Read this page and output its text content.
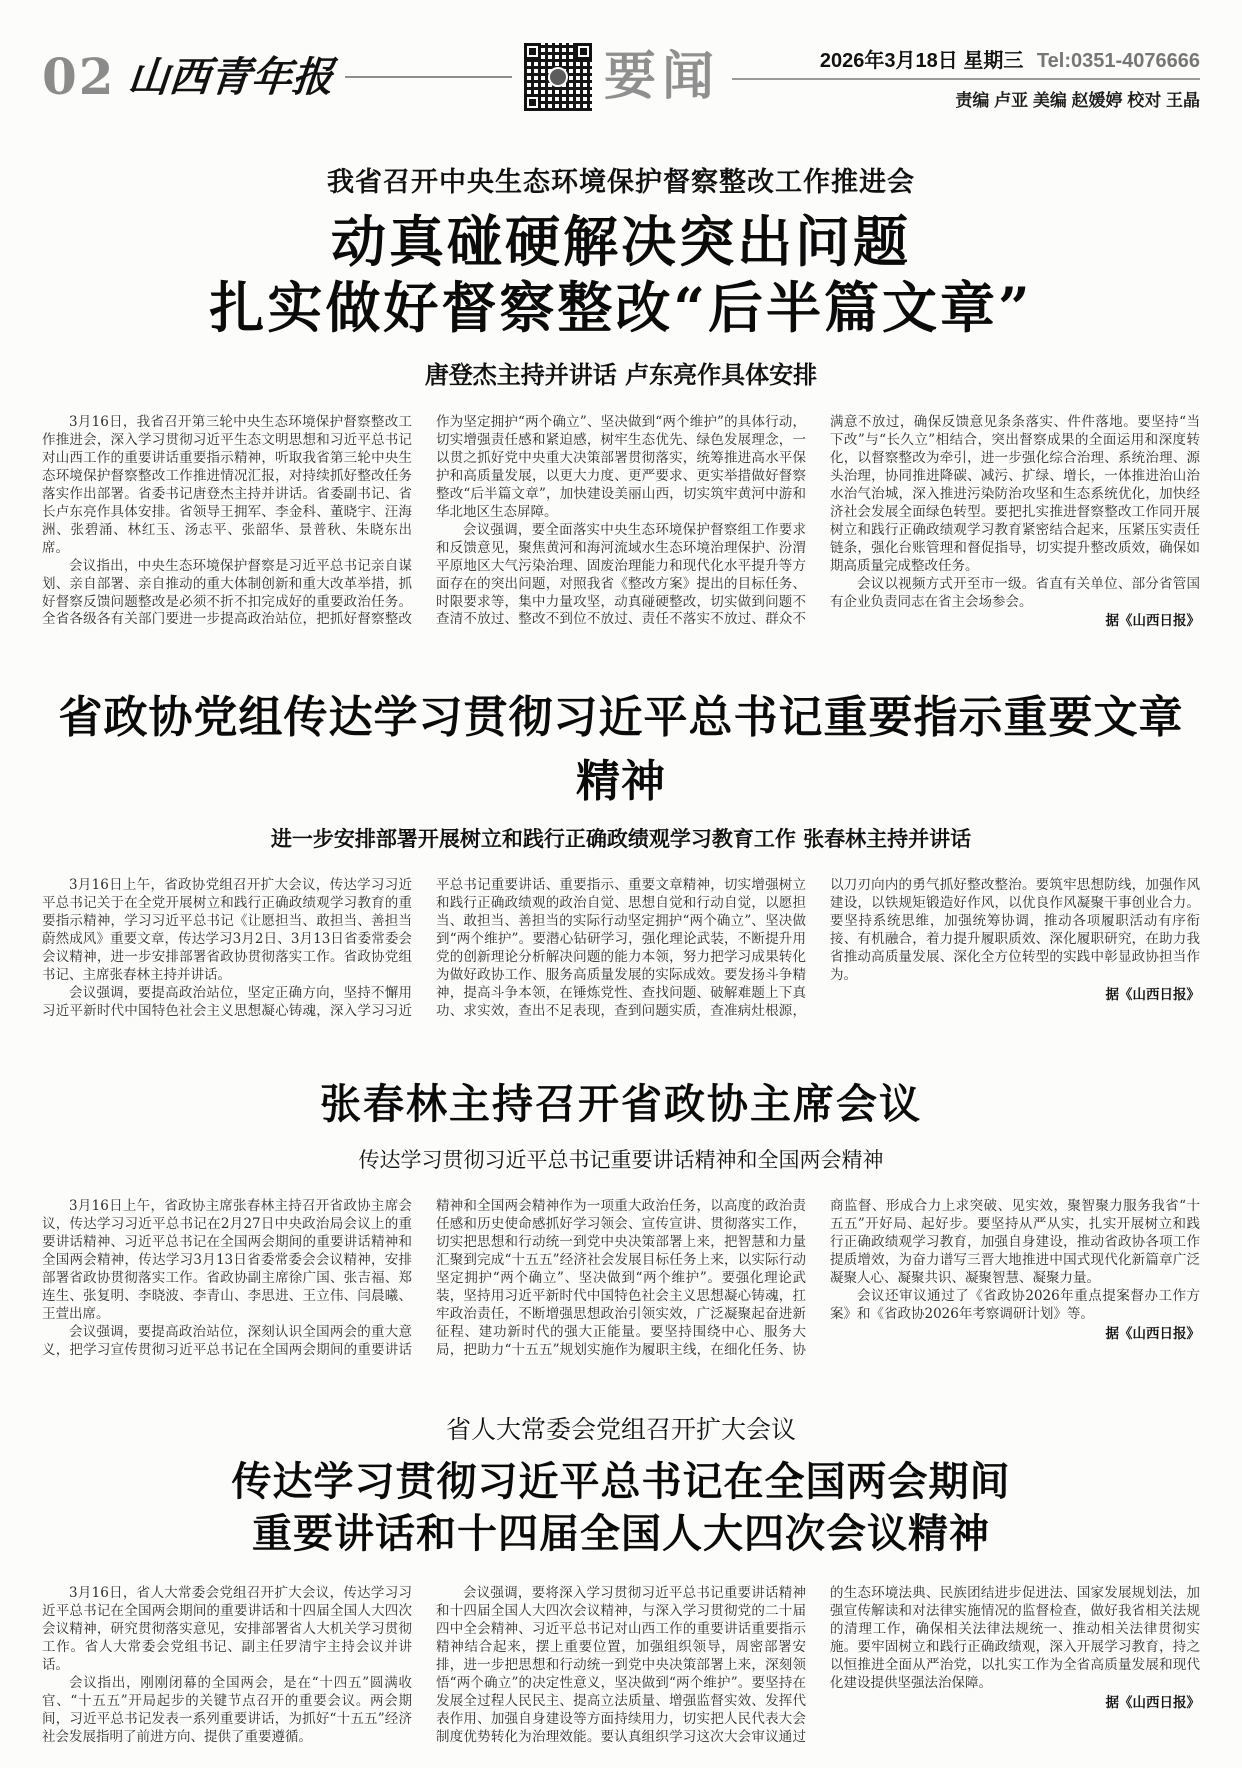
02 山西青年报	要闻	2026年3月18日 星期三 Tel:0351-4076666
责编 卢亚 美编 赵媛婷 校对 王晶
我省召开中央生态环境保护督察整改工作推进会
动真碰硬解决突出问题
扎实做好督察整改“后半篇文章”
唐登杰主持并讲话 卢东亮作具体安排

3月16日，我省召开第三轮中央生态环境保护督察整改工作推进会，深入学习贯彻习近平生态文明思想和习近平总书记对山西工作的重要讲话重要指示精神，听取我省第三轮中央生态环境保护督察整改工作推进情况汇报，对持续抓好整改任务落实作出部署。省委书记唐登杰主持并讲话。省委副书记、省长卢东亮作具体安排。省领导王拥军、李金科、董晓宇、汪海洲、张碧涌、林红玉、汤志平、张韶华、景普秋、朱晓东出席。

会议指出，中央生态环境保护督察是习近平总书记亲自谋划、亲自部署、亲自推动的重大体制创新和重大改革举措，抓好督察反馈问题整改是必须不折不扣完成好的重要政治任务。全省各级各有关部门要进一步提高政治站位，把抓好督察整改作为坚定拥护“两个确立”、坚决做到“两个维护”的具体行动，切实增强责任感和紧迫感，树牢生态优先、绿色发展理念，一以贯之抓好党中央重大决策部署贯彻落实，统筹推进高水平保护和高质量发展，以更大力度、更严要求、更实举措做好督察整改“后半篇文章”，加快建设美丽山西，切实筑牢黄河中游和华北地区生态屏障。

会议强调，要全面落实中央生态环境保护督察组工作要求和反馈意见，聚焦黄河和海河流域水生态环境治理保护、汾渭平原地区大气污染治理、固废治理能力和现代化水平提升等方面存在的突出问题，对照我省《整改方案》提出的目标任务、时限要求等，集中力量攻坚，动真碰硬整改，切实做到问题不查清不放过、整改不到位不放过、责任不落实不放过、群众不满意不放过，确保反馈意见条条落实、件件落地。要坚持“当下改”与“长久立”相结合，突出督察成果的全面运用和深度转化，以督察整改为牵引，进一步强化综合治理、系统治理、源头治理，协同推进降碳、减污、扩绿、增长，一体推进治山治水治气治城，深入推进污染防治攻坚和生态系统优化，加快经济社会发展全面绿色转型。要把扎实推进督察整改工作同开展树立和践行正确政绩观学习教育紧密结合起来，压紧压实责任链条，强化台账管理和督促指导，切实提升整改质效，确保如期高质量完成整改任务。

会议以视频方式开至市一级。省直有关单位、部分省管国有企业负责同志在省主会场参会。

据《山西日报》
省政协党组传达学习贯彻习近平总书记重要指示重要文章精神
进一步安排部署开展树立和践行正确政绩观学习教育工作 张春林主持并讲话

3月16日上午，省政协党组召开扩大会议，传达学习习近平总书记关于在全党开展树立和践行正确政绩观学习教育的重要指示精神，学习习近平总书记《让愿担当、敢担当、善担当蔚然成风》重要文章，传达学习3月2日、3月13日省委常委会会议精神，进一步安排部署省政协贯彻落实工作。省政协党组书记、主席张春林主持并讲话。

会议强调，要提高政治站位，坚定正确方向，坚持不懈用习近平新时代中国特色社会主义思想凝心铸魂，深入学习习近平总书记重要讲话、重要指示、重要文章精神，切实增强树立和践行正确政绩观的政治自觉、思想自觉和行动自觉，以愿担当、敢担当、善担当的实际行动坚定拥护“两个确立”、坚决做到“两个维护”。要潜心钻研学习，强化理论武装，不断提升用党的创新理论分析解决问题的能力本领，努力把学习成果转化为做好政协工作、服务高质量发展的实际成效。要发扬斗争精神，提高斗争本领，在锤炼党性、查找问题、破解难题上下真功、求实效，查出不足表现，查到问题实质，查准病灶根源，以刀刃向内的勇气抓好整改整治。要筑牢思想防线，加强作风建设，以铁规矩锻造好作风，以优良作风凝聚干事创业合力。要坚持系统思维，加强统筹协调，推动各项履职活动有序衔接、有机融合，着力提升履职质效、深化履职研究，在助力我省推动高质量发展、深化全方位转型的实践中彰显政协担当作为。

据《山西日报》
张春林主持召开省政协主席会议
传达学习贯彻习近平总书记重要讲话精神和全国两会精神

3月16日上午，省政协主席张春林主持召开省政协主席会议，传达学习习近平总书记在2月27日中央政治局会议上的重要讲话精神、习近平总书记在全国两会期间的重要讲话精神和全国两会精神，传达学习3月13日省委常委会会议精神，安排部署省政协贯彻落实工作。省政协副主席徐广国、张吉福、郑连生、张复明、李晓波、李青山、李思进、王立伟、闫晨曦、王萱出席。

会议强调，要提高政治站位，深刻认识全国两会的重大意义，把学习宣传贯彻习近平总书记在全国两会期间的重要讲话精神和全国两会精神作为一项重大政治任务，以高度的政治责任感和历史使命感抓好学习领会、宣传宣讲、贯彻落实工作，切实把思想和行动统一到党中央决策部署上来，把智慧和力量汇聚到完成“十五五”经济社会发展目标任务上来，以实际行动坚定拥护“两个确立”、坚决做到“两个维护”。要强化理论武装，坚持用习近平新时代中国特色社会主义思想凝心铸魂，扛牢政治责任，不断增强思想政治引领实效，广泛凝聚起奋进新征程、建功新时代的强大正能量。要坚持围绕中心、服务大局，把助力“十五五”规划实施作为履职主线，在细化任务、协商监督、形成合力上求突破、见实效，聚智聚力服务我省“十五五”开好局、起好步。要坚持从严从实，扎实开展树立和践行正确政绩观学习教育，加强自身建设，推动省政协各项工作提质增效，为奋力谱写三晋大地推进中国式现代化新篇章广泛凝聚人心、凝聚共识、凝聚智慧、凝聚力量。

会议还审议通过了《省政协2026年重点提案督办工作方案》和《省政协2026年考察调研计划》等。

据《山西日报》
省人大常委会党组召开扩大会议
传达学习贯彻习近平总书记在全国两会期间
重要讲话和十四届全国人大四次会议精神

3月16日，省人大常委会党组召开扩大会议，传达学习习近平总书记在全国两会期间的重要讲话和十四届全国人大四次会议精神，研究贯彻落实意见，安排部署省人大机关学习贯彻工作。省人大常委会党组书记、副主任罗清宇主持会议并讲话。

会议指出，刚刚闭幕的全国两会，是在“十四五”圆满收官、“十五五”开局起步的关键节点召开的重要会议。两会期间，习近平总书记发表一系列重要讲话，为抓好“十五五”经济社会发展指明了前进方向、提供了重要遵循。

会议强调，要将深入学习贯彻习近平总书记重要讲话精神和十四届全国人大四次会议精神，与深入学习贯彻党的二十届四中全会精神、习近平总书记对山西工作的重要讲话重要指示精神结合起来，摆上重要位置，加强组织领导，周密部署安排，进一步把思想和行动统一到党中央决策部署上来，深刻领悟“两个确立”的决定性意义，坚决做到“两个维护”。要坚持在发展全过程人民民主、提高立法质量、增强监督实效、发挥代表作用、加强自身建设等方面持续用力，切实把人民代表大会制度优势转化为治理效能。要认真组织学习这次大会审议通过的生态环境法典、民族团结进步促进法、国家发展规划法，加强宣传解读和对法律实施情况的监督检查，做好我省相关法规的清理工作，确保相关法律法规统一、推动相关法律贯彻实施。要牢固树立和践行正确政绩观，深入开展学习教育，持之以恒推进全面从严治党，以扎实工作为全省高质量发展和现代化建设提供坚强法治保障。

据《山西日报》
